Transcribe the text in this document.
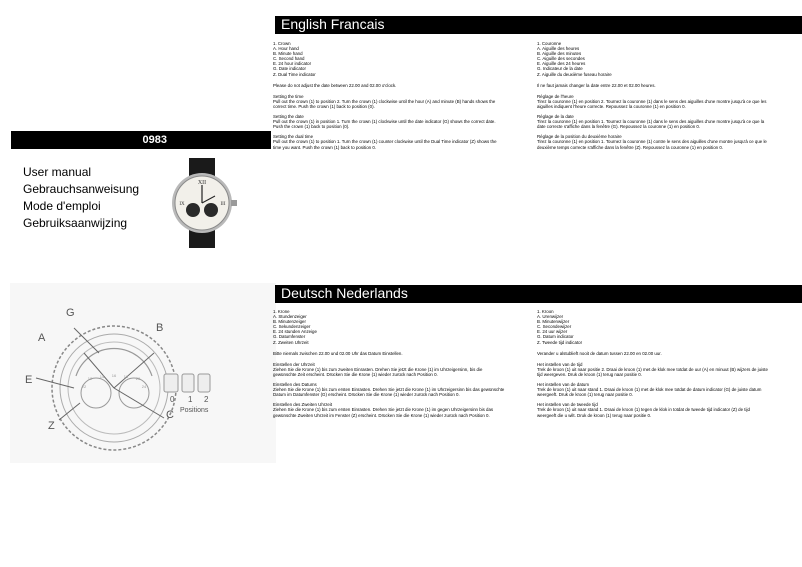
English Francais
Deutsch Nederlands
0983
User manual
Gebrauchsanweisung
Mode d'emploi
Gebruiksaanwijzing
XII
IX	III
A
B
C
E
G
Z
0 1 2
Positions
12 14 16 18 20
22	24

1. Crown

A. Hour hand

B. Minute hand

C. Second hand

E. 24 hour indicator

G. Date indicator

Z. Dual Time indicator

Please do not adjust the date between 22.00 and 02.00 o'clock.

Setting the time

Pull out the crown (1) to position 2. Turn the crown (1) clockwise until the hour (A) and minute (B) hands shows the correct time. Push the crown (1) back to position (0).

Setting the date

Pull out the crown (1) in position 1. Turn the crown (1) clockwise until the date indicator (G) shows the correct date. Push the crown (1) back to position (0).

Setting the dual time

Pull out the crown (1) to position 1. Turn the crown (1) counter clockwise until the Dual Time indicator (Z) shows the time you want. Push the crown (1) back to position 0.

1. Couronne

A. Aiguille des heures

B. Aiguille des minutes

C. Aiguille des secondes

E. Aiguille des 24 heures

G. Indicateur de la date

Z. Aiguille du deuxième fuseau horaire

Il ne faut jamais changer la date entre 22.00 et 02.00 heures.

Réglage de l'heure

Tirez la couronne (1) en position 2. Tournez la couronne (1) dans le sens des aiguilles d'une montre jusqu'à ce que les aiguilles indiquent l'heure correcte. Repoussez la couronne (1) en position 0.

Réglage de la date

Tirez la couronne (1) en position 1. Tournez la couronne (1) dans le sens des aiguilles d'une montre jusqu'à ce que la date correcte s'affiche dans la fenêtre (G). Repoussez la couronne (1) en position 0.

Réglage de la position du deuxième horaire

Tirez la couronne (1) en position 1. Tournez la couronne (1) contre le sens des aiguilles d'une montre jusqu'à ce que le deuxième temps correcte s'affiche dans la fenêtre (Z). Repoussez la couronne (1) en position 0.

1. Krone

A. Stundenzeiger

B. Minutenzeiger

C. Sekundenzeiger

E. 24 stunden Anzeige

G. Datumfenster

Z. Zweiten Uhrzeit

Bitte niemals zwischen 22.00 und 02.00 Uhr das Datum Einstellen.

Einstellen der Uhrzeit

Ziehen Sie die Krone (1) bis zum zweiten Einrasten. Drehen Sie jetzt die Krone (1) im Uhrzeigersinn, bis die gewünschte Zeit erscheint. Drücken Sie die Krone (1) wieder zurück nach Position 0.

Einstellen des Datums

Ziehen Sie die Krone (1) bis zum ersten Einrasten. Drehen Sie jetzt die Krone (1) im Uhrzeigersinn bis das gewünschte Datum im Datumfenster (G) erscheint. Drücken Sie die Krone (1) wieder zurück nach Position 0.

Einstellen des Zweiten Uhrzeit

Ziehen Sie die Krone (1) bis zum ersten Einrasten. Drehen Sie jetzt die Krone (1) im gegen Uhrzeigersinn bis das gewünschte Zweiten Uhrzeit im Fenster (Z) erscheint. Drücken Sie die Krone (1) wieder zurück nach Position 0.

1. Kroon

A. Urenwijzer

B. Minutenwijzer

C. Secondewijzer

E. 24 uur wijzer

G. Datum indicator

Z. Tweede tijd indicator

Verander u alstublieft nooit de datum tussen 22.00 en 02.00 uur.

Het instellen van de tijd

Trek de kroon (1) uit naar positie 2. Draai de kroon (1) met de klok mee totdat de uur (A) en minuut (B) wijzers de juiste tijd weergeven. Druk de kroon (1) terug naar positie 0.

Het instellen van de datum

Trek de kroon (1) uit naar stand 1. Draai de kroon (1) met de klok mee totdat de datum indicator (G) de juiste datum weergeeft. Druk de kroon (1) terug naar positie 0.

Het instellen van de tweede tijd

Trek de kroon (1) uit naar stand 1. Draai de kroon (1) tegen de klok in totdat de tweede tijd indicator (Z) de tijd weergeeft die u wilt. Druk de kroon (1) terug naar positie 0.
